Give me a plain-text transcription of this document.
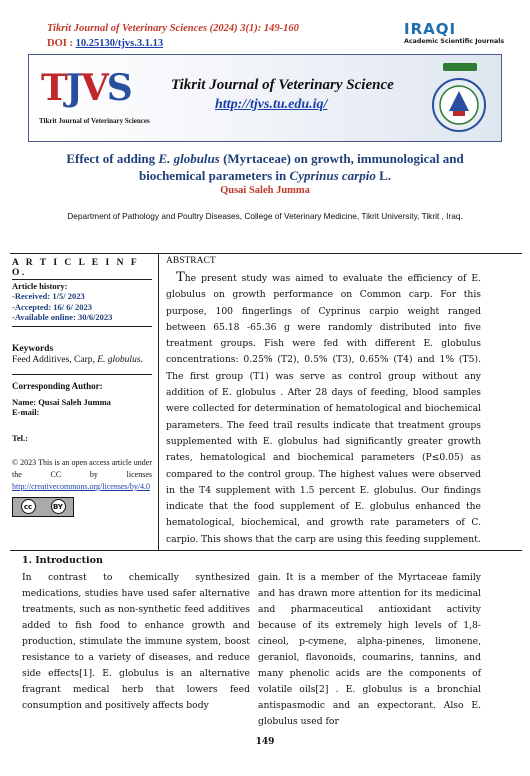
Tikrit Journal of Veterinary Sciences (2024) 3(1): 149-160
DOI : 10.25130/tjvs.3.1.13
IRAQI
Academic Scientific Journals
TJVS
Tikrit Journal of Veterinary Sciences
Tikrit Journal of Veterinary Science
http://tjvs.tu.edu.iq/
Effect of adding E. globulus (Myrtaceae) on growth, immunological and biochemical parameters in Cyprinus carpio L.
Qusai Saleh Jumma
Department of Pathology and Poultry Diseases, College of Veterinary Medicine, Tikrit University, Tikrit , Iraq.
A R T I C L E I N F O.
Article history:
-Received: 1/5/ 2023
-Accepted: 16/ 6/ 2023
-Available online: 30/6/2023
Keywords
Feed Additives, Carp, E. globulus.
Corresponding Author:
Name: Qusai Saleh Jumma
E-mail:
Tel.:
© 2023 This is an open access article under the CC by licenses http://creativecommons.org/licenses/by/4.0
cc	BY
ABSTRACT
The present study was aimed to evaluate the efficiency of E. globulus on growth performance on Common carp. For this purpose, 100 fingerlings of Cyprinus carpio weight ranged between 65.18 -65.36 g were randomly distributed into five treatment groups. Fish were fed with different E. globulus concentrations: 0.25% (T2), 0.5% (T3), 0.65% (T4) and 1% (T5). The first group (T1) was serve as control group without any addition of E. globulus . After 28 days of feeding, blood samples were collected for determination of hematological and biochemical parameters. The feed trail results indicate that treatment groups supplemented with E. globulus had significantly greater growth rates, hematological and biochemical parameters (P≤0.05) as compared to the control group. The highest values were observed in the T4 supplement with 1.5 percent E. globulus. Our findings indicate that the food supplement of E. globulus enhanced the hematological, biochemical, and growth rate parameters of C. carpio. This shows that the carp are using this feeding supplement.
1. Introduction
In contrast to chemically synthesized medications, studies have used safer alternative treatments, such as non-synthetic feed additives added to fish food to enhance growth and production, stimulate the immune system, boost resistance to a variety of diseases, and reduce side effects[1]. E. globulus is an alternative fragrant medical herb that lowers feed consumption and positively affects body
gain. It is a member of the Myrtaceae family and has drawn more attention for its medicinal and pharmaceutical antioxidant activity because of its extremely high levels of 1,8-cineol, p-cymene, alpha-pinenes, limonene, geraniol, flavonoids, coumarins, tannins, and many phenolic acids are the components of volatile oils[2] . E. globulus is a bronchial antispasmodic and an expectorant. Also E. globulus used for
149
